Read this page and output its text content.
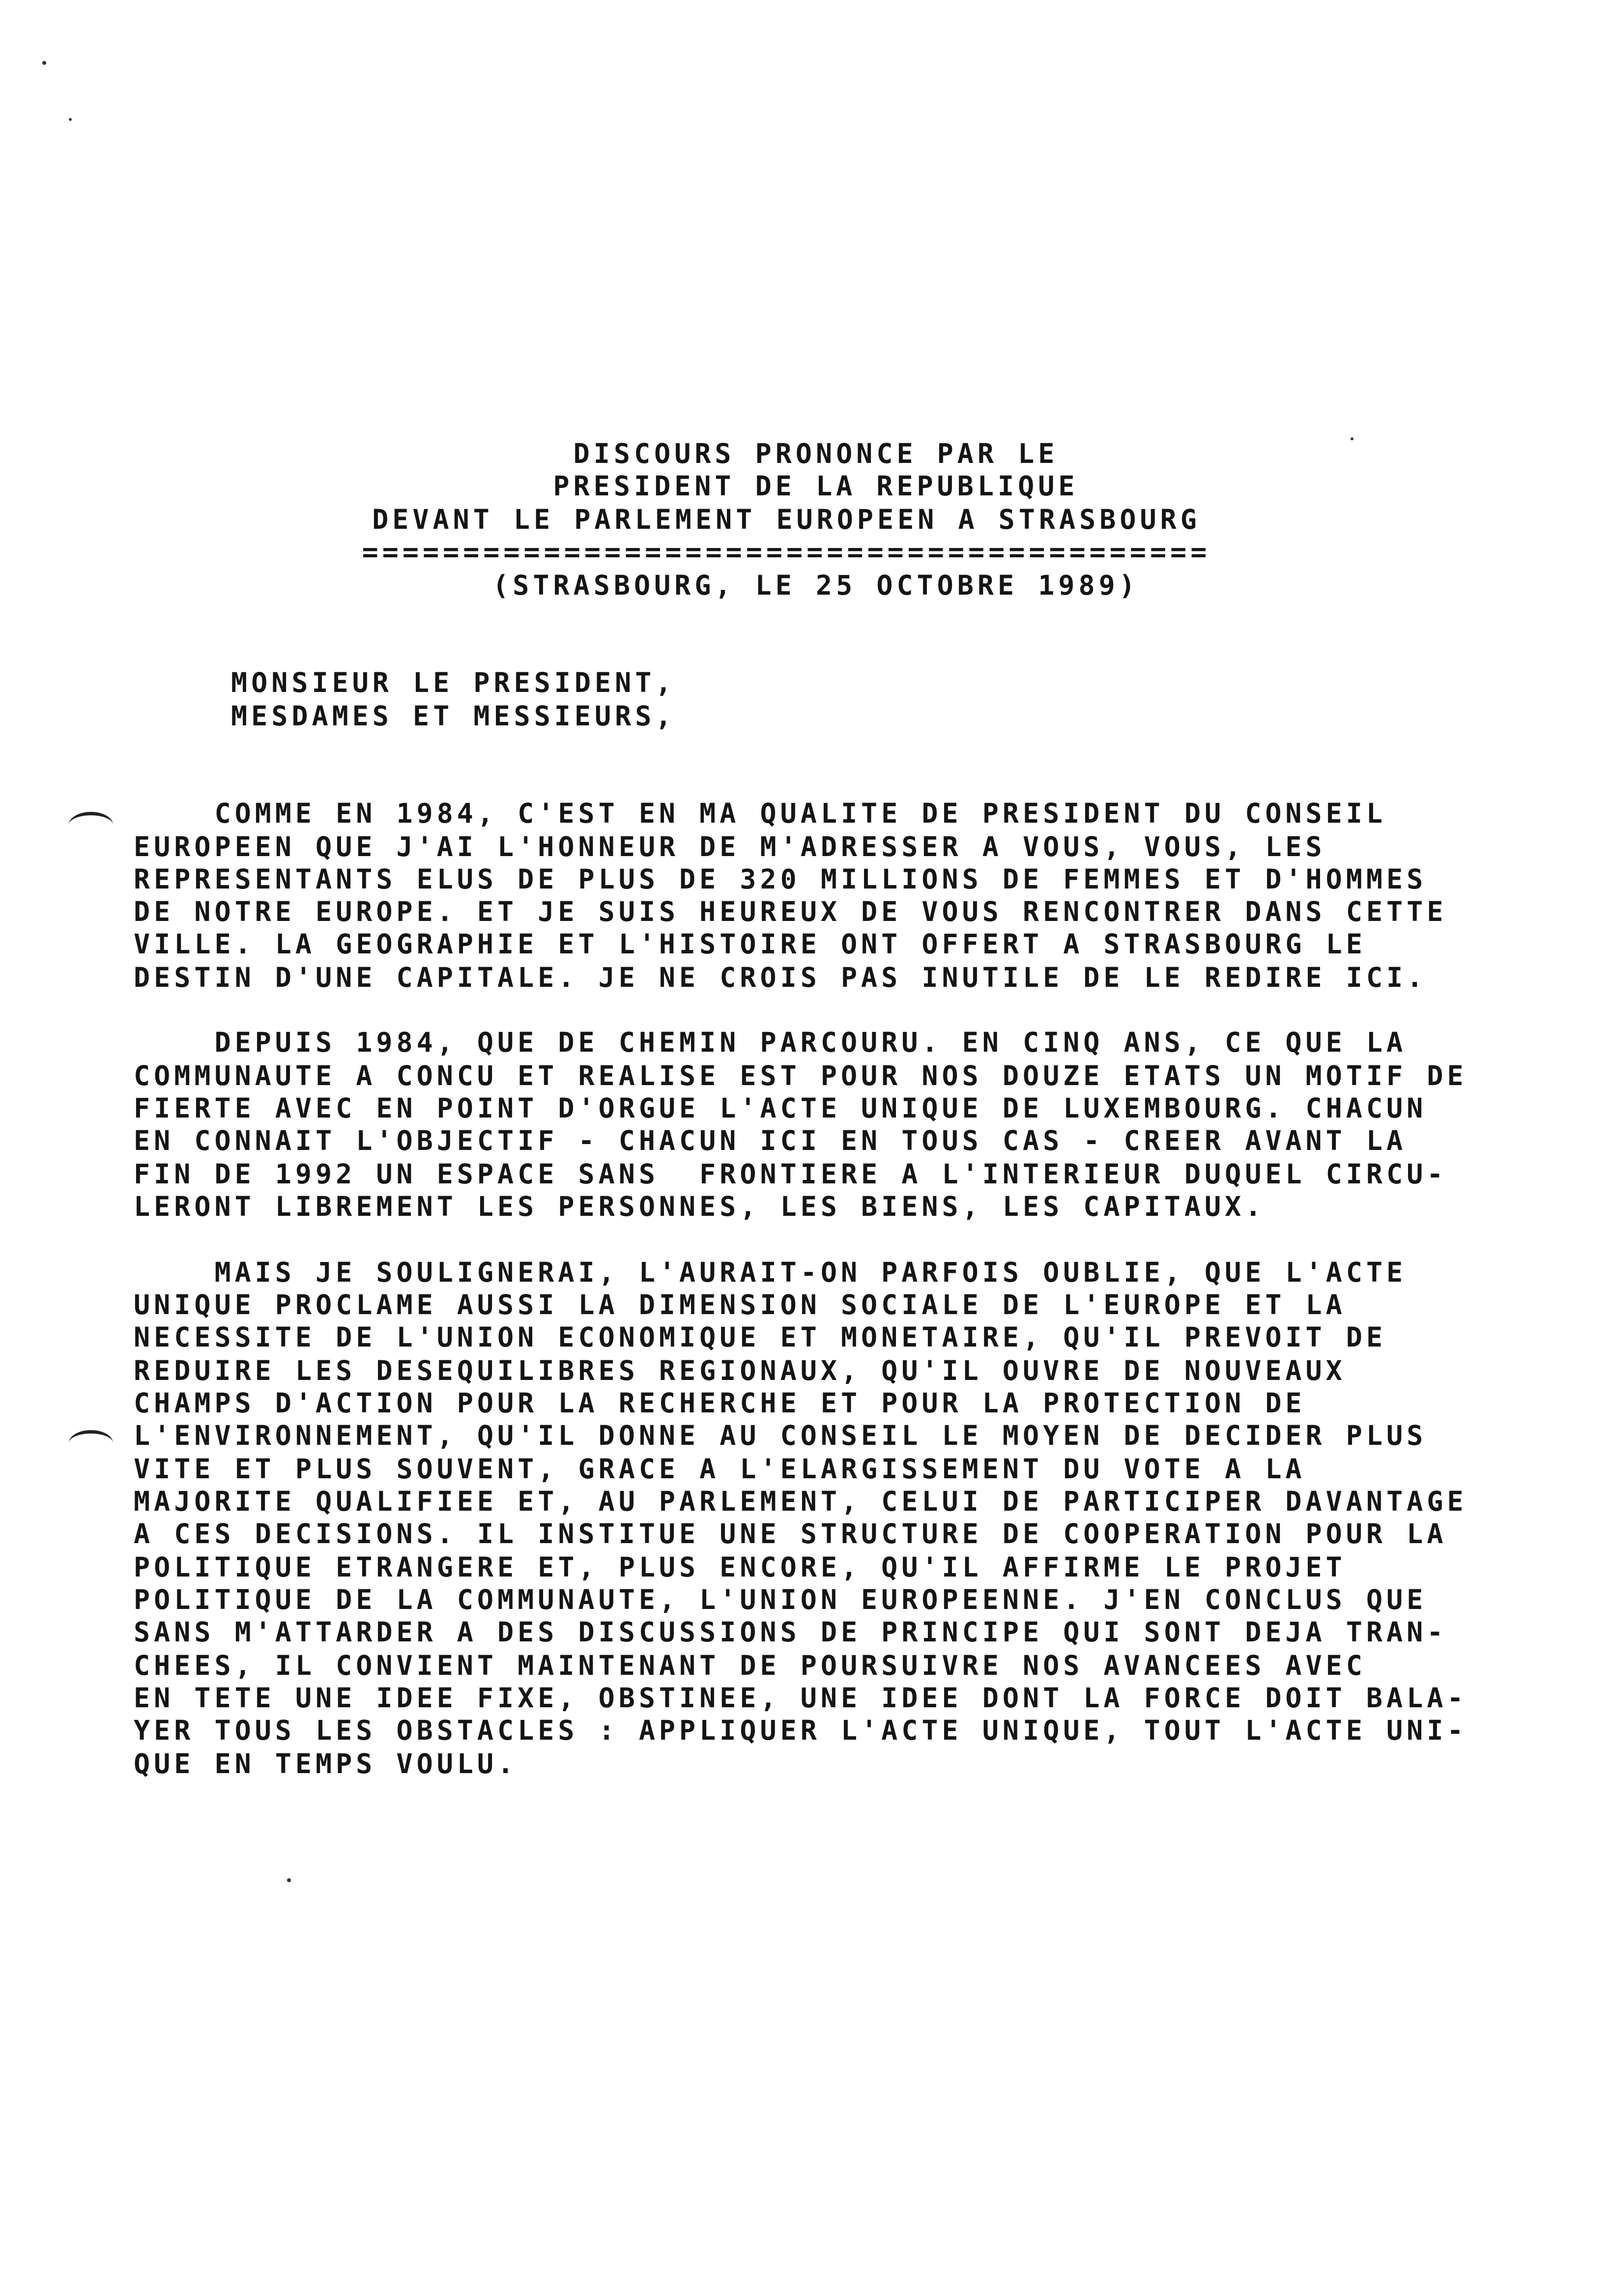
DISCOURS PRONONCE PAR LE
PRESIDENT DE LA REPUBLIQUE
DEVANT LE PARLEMENT EUROPEEN A STRASBOURG
==========================================
(STRASBOURG, LE 25 OCTOBRE 1989)
MONSIEUR LE PRESIDENT,
MESDAMES ET MESSIEURS,
COMME EN 1984, C'EST EN MA QUALITE DE PRESIDENT DU CONSEIL
EUROPEEN QUE J'AI L'HONNEUR DE M'ADRESSER A VOUS, VOUS, LES
REPRESENTANTS ELUS DE PLUS DE 320 MILLIONS DE FEMMES ET D'HOMMES
DE NOTRE EUROPE. ET JE SUIS HEUREUX DE VOUS RENCONTRER DANS CETTE
VILLE. LA GEOGRAPHIE ET L'HISTOIRE ONT OFFERT A STRASBOURG LE
DESTIN D'UNE CAPITALE. JE NE CROIS PAS INUTILE DE LE REDIRE ICI.
DEPUIS 1984, QUE DE CHEMIN PARCOURU. EN CINQ ANS, CE QUE LA
COMMUNAUTE A CONCU ET REALISE EST POUR NOS DOUZE ETATS UN MOTIF DE
FIERTE AVEC EN POINT D'ORGUE L'ACTE UNIQUE DE LUXEMBOURG. CHACUN
EN CONNAIT L'OBJECTIF - CHACUN ICI EN TOUS CAS - CREER AVANT LA
FIN DE 1992 UN ESPACE SANS  FRONTIERE A L'INTERIEUR DUQUEL CIRCU-
LERONT LIBREMENT LES PERSONNES, LES BIENS, LES CAPITAUX.
MAIS JE SOULIGNERAI, L'AURAIT-ON PARFOIS OUBLIE, QUE L'ACTE
UNIQUE PROCLAME AUSSI LA DIMENSION SOCIALE DE L'EUROPE ET LA
NECESSITE DE L'UNION ECONOMIQUE ET MONETAIRE, QU'IL PREVOIT DE
REDUIRE LES DESEQUILIBRES REGIONAUX, QU'IL OUVRE DE NOUVEAUX
CHAMPS D'ACTION POUR LA RECHERCHE ET POUR LA PROTECTION DE
L'ENVIRONNEMENT, QU'IL DONNE AU CONSEIL LE MOYEN DE DECIDER PLUS
VITE ET PLUS SOUVENT, GRACE A L'ELARGISSEMENT DU VOTE A LA
MAJORITE QUALIFIEE ET, AU PARLEMENT, CELUI DE PARTICIPER DAVANTAGE
A CES DECISIONS. IL INSTITUE UNE STRUCTURE DE COOPERATION POUR LA
POLITIQUE ETRANGERE ET, PLUS ENCORE, QU'IL AFFIRME LE PROJET
POLITIQUE DE LA COMMUNAUTE, L'UNION EUROPEENNE. J'EN CONCLUS QUE
SANS M'ATTARDER A DES DISCUSSIONS DE PRINCIPE QUI SONT DEJA TRAN-
CHEES, IL CONVIENT MAINTENANT DE POURSUIVRE NOS AVANCEES AVEC
EN TETE UNE IDEE FIXE, OBSTINEE, UNE IDEE DONT LA FORCE DOIT BALA-
YER TOUS LES OBSTACLES : APPLIQUER L'ACTE UNIQUE, TOUT L'ACTE UNI-
QUE EN TEMPS VOULU.
